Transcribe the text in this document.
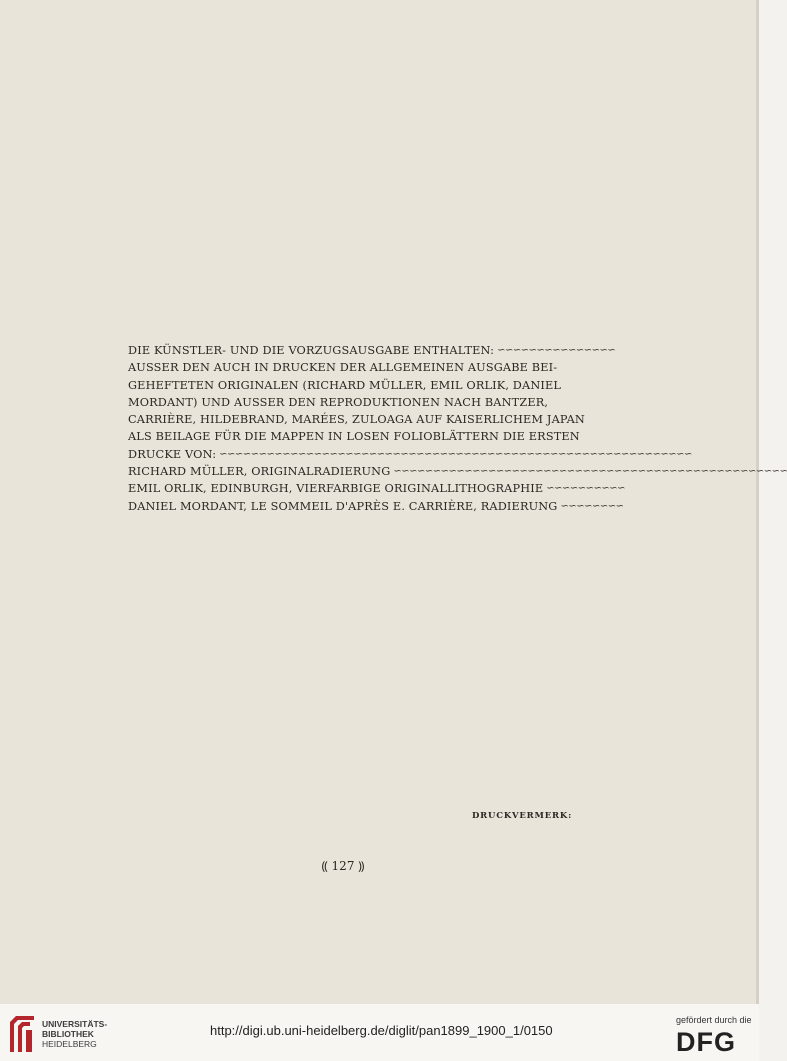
DIE KÜNSTLER- UND DIE VORZUGSAUSGABE ENTHALTEN: ∽∽∽∽∽∽∽∽∽∽∽∽∽∽∽
AUSSER DEN AUCH IN DRUCKEN DER ALLGEMEINEN AUSGABE BEI-
GEHEFTETEN ORIGINALEN (RICHARD MÜLLER, EMIL ORLIK, DANIEL
MORDANT) UND AUSSER DEN REPRODUKTIONEN NACH BANTZER,
CARRIÈRE, HILDEBRAND, MARÉES, ZULOAGA AUF KAISERLICHEM JAPAN
ALS BEILAGE FÜR DIE MAPPEN IN LOSEN FOLIOBLÄTTERN DIE ERSTEN
DRUCKE VON: ∽∽∽∽∽∽∽∽∽∽∽∽∽∽∽∽∽∽∽∽∽∽∽∽∽∽∽∽∽∽∽∽∽∽∽∽∽∽∽∽∽∽∽∽∽∽∽∽∽∽∽∽∽∽∽∽∽∽∽∽
RICHARD MÜLLER, ORIGINALRADIERUNG ∽∽∽∽∽∽∽∽∽∽∽∽∽∽∽∽∽∽∽∽∽∽∽∽∽∽∽∽∽∽∽∽∽∽∽∽∽∽∽∽∽∽∽∽∽∽∽∽∽∽
EMIL ORLIK, EDINBURGH, VIERFARBIGE ORIGINALLITHOGRAPHIE ∽∽∽∽∽∽∽∽∽∽
DANIEL MORDANT, LE SOMMEIL D'APRÈS E. CARRIÈRE, RADIERUNG ∽∽∽∽∽∽∽∽
DRUCKVERMERK:
⸨ 127 ⸩
UNIVERSITÄTS-
BIBLIOTHEK
HEIDELBERG
http://digi.ub.uni-heidelberg.de/diglit/pan1899_1900_1/0150
gefördert durch die
DFG
